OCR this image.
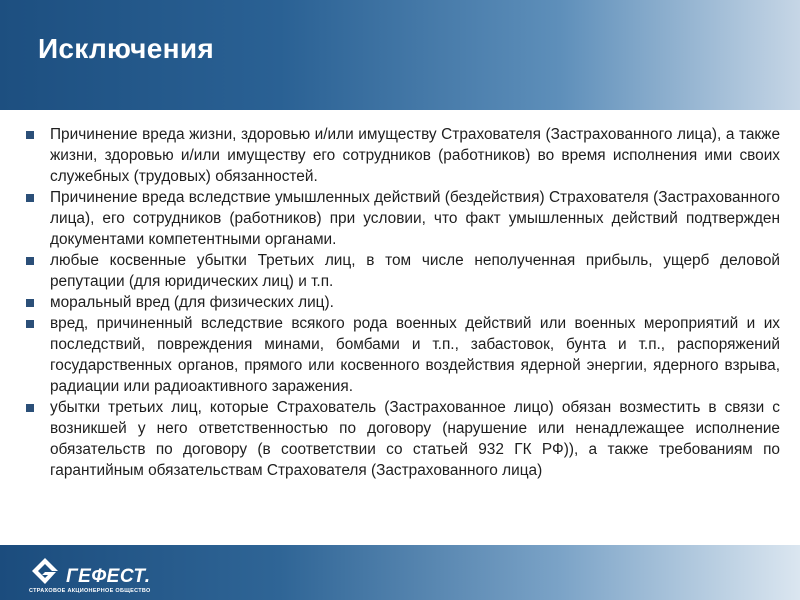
Исключения
Причинение вреда жизни, здоровью и/или имуществу Страхователя (Застрахованного лица), а также жизни, здоровью и/или имуществу его сотрудников (работников) во время исполнения ими своих служебных (трудовых) обязанностей.
Причинение вреда вследствие умышленных действий (бездействия) Страхователя (Застрахованного лица), его сотрудников (работников) при условии, что факт умышленных действий подтвержден документами компетентными органами.
любые косвенные убытки Третьих лиц, в том числе неполученная прибыль, ущерб деловой репутации (для юридических лиц) и т.п.
моральный вред (для физических лиц).
вред, причиненный вследствие всякого рода военных действий или военных мероприятий и их последствий, повреждения минами, бомбами и т.п., забастовок, бунта и т.п., распоряжений государственных органов, прямого или косвенного воздействия ядерной энергии, ядерного взрыва, радиации или радиоактивного заражения.
убытки третьих лиц, которые Страхователь (Застрахованное лицо) обязан возместить в связи с возникшей у него ответственностью по договору (нарушение или ненадлежащее исполнение обязательств по договору (в соответствии со статьей 932 ГК РФ)), а также требованиям по гарантийным обязательствам Страхователя (Застрахованного лица)
ГЕФЕСТ.
СТРАХОВОЕ АКЦИОНЕРНОЕ ОБЩЕСТВО
